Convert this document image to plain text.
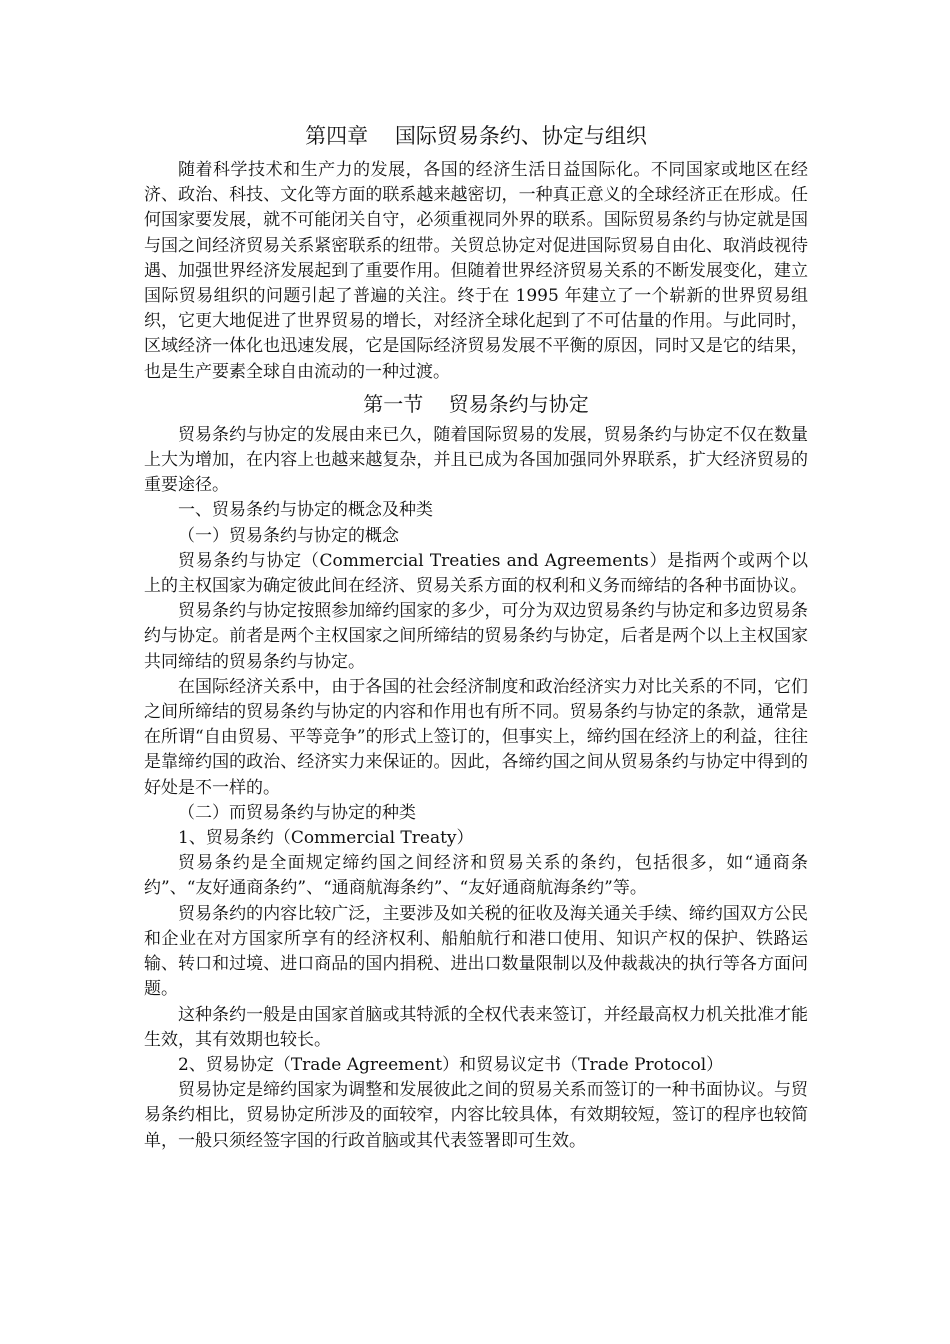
第四章    国际贸易条约、协定与组织

随着科学技术和生产力的发展，各国的经济生活日益国际化。不同国家或地区在经济、政治、科技、文化等方面的联系越来越密切，一种真正意义的全球经济正在形成。任何国家要发展，就不可能闭关自守，必须重视同外界的联系。国际贸易条约与协定就是国与国之间经济贸易关系紧密联系的纽带。关贸总协定对促进国际贸易自由化、取消歧视待遇、加强世界经济发展起到了重要作用。但随着世界经济贸易关系的不断发展变化，建立国际贸易组织的问题引起了普遍的关注。终于在 1995 年建立了一个崭新的世界贸易组织，它更大地促进了世界贸易的增长，对经济全球化起到了不可估量的作用。与此同时，区域经济一体化也迅速发展，它是国际经济贸易发展不平衡的原因，同时又是它的结果，也是生产要素全球自由流动的一种过渡。

第一节    贸易条约与协定

贸易条约与协定的发展由来已久，随着国际贸易的发展，贸易条约与协定不仅在数量上大为增加，在内容上也越来越复杂，并且已成为各国加强同外界联系，扩大经济贸易的重要途径。

一、贸易条约与协定的概念及种类

（一）贸易条约与协定的概念

贸易条约与协定（Commercial Treaties and Agreements）是指两个或两个以上的主权国家为确定彼此间在经济、贸易关系方面的权利和义务而缔结的各种书面协议。

贸易条约与协定按照参加缔约国家的多少，可分为双边贸易条约与协定和多边贸易条约与协定。前者是两个主权国家之间所缔结的贸易条约与协定，后者是两个以上主权国家共同缔结的贸易条约与协定。

在国际经济关系中，由于各国的社会经济制度和政治经济实力对比关系的不同，它们之间所缔结的贸易条约与协定的内容和作用也有所不同。贸易条约与协定的条款，通常是在所谓“自由贸易、平等竞争”的形式上签订的，但事实上，缔约国在经济上的利益，往往是靠缔约国的政治、经济实力来保证的。因此，各缔约国之间从贸易条约与协定中得到的好处是不一样的。

（二）而贸易条约与协定的种类

1、贸易条约（Commercial Treaty）

贸易条约是全面规定缔约国之间经济和贸易关系的条约，包括很多，如“通商条约”、“友好通商条约”、“通商航海条约”、“友好通商航海条约”等。

贸易条约的内容比较广泛，主要涉及如关税的征收及海关通关手续、缔约国双方公民和企业在对方国家所享有的经济权利、船舶航行和港口使用、知识产权的保护、铁路运输、转口和过境、进口商品的国内捐税、进出口数量限制以及仲裁裁决的执行等各方面问题。

这种条约一般是由国家首脑或其特派的全权代表来签订，并经最高权力机关批准才能生效，其有效期也较长。

2、贸易协定（Trade Agreement）和贸易议定书（Trade Protocol）

贸易协定是缔约国家为调整和发展彼此之间的贸易关系而签订的一种书面协议。与贸易条约相比，贸易协定所涉及的面较窄，内容比较具体，有效期较短，签订的程序也较简单，一般只须经签字国的行政首脑或其代表签署即可生效。
